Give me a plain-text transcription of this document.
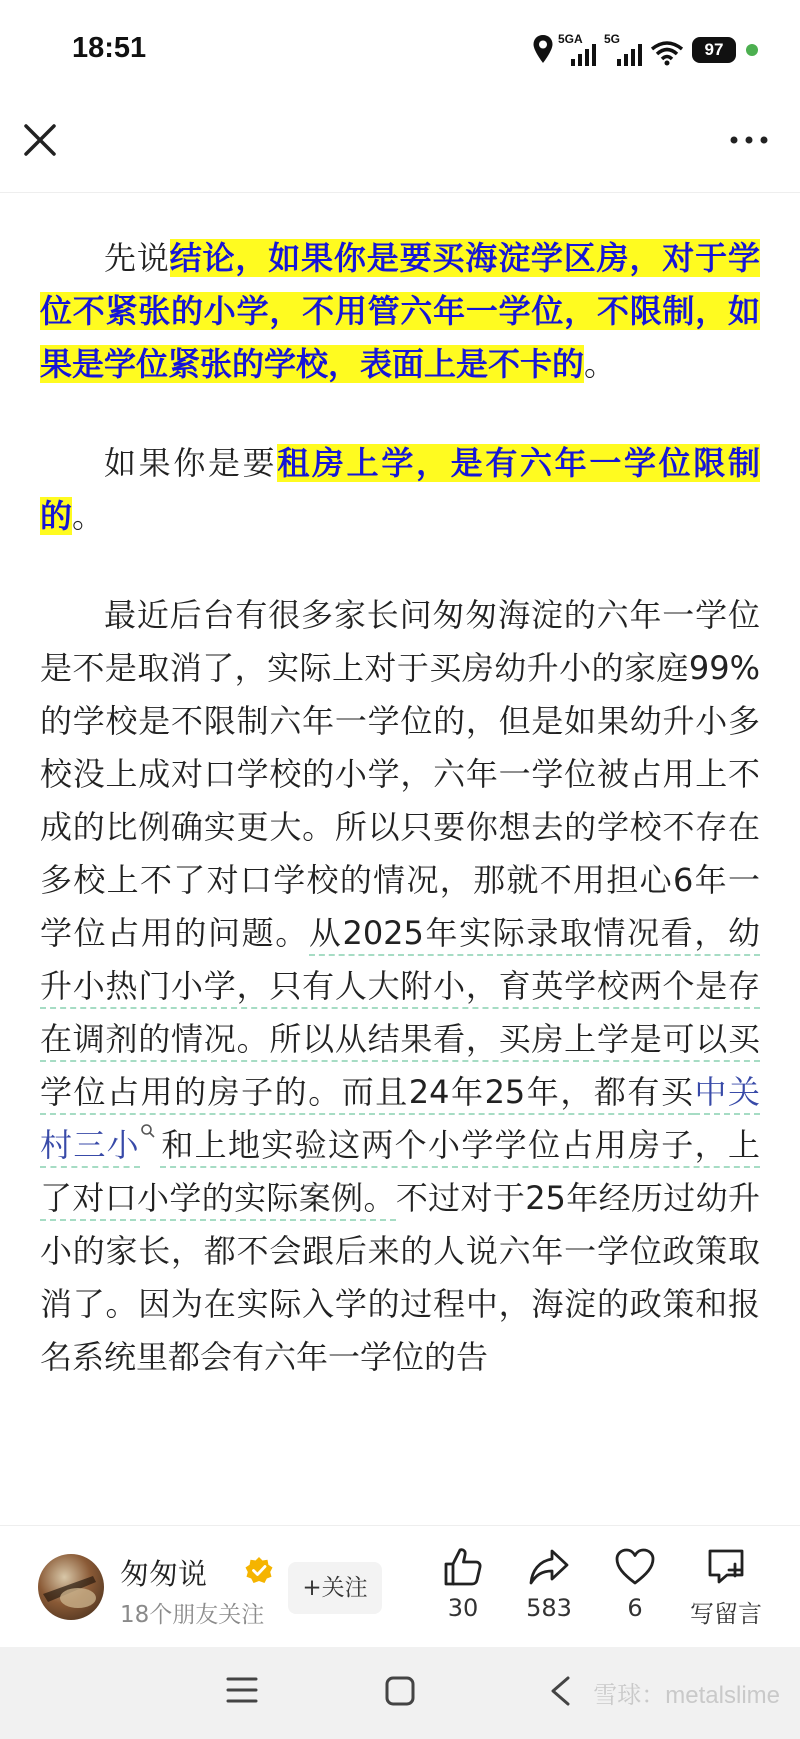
18:51	5GA 5G
97

先说结论，如果你是要买海淀学区房，对于学位不紧张的小学，不用管六年一学位，不限制，如果是学位紧张的学校，表面上是不卡的。

如果你是要租房上学，是有六年一学位限制的。

最近后台有很多家长问匆匆海淀的六年一学位是不是取消了，实际上对于买房幼升小的家庭99%的学校是不限制六年一学位的，但是如果幼升小多校没上成对口学校的小学，六年一学位被占用上不成的比例确实更大。所以只要你想去的学校不存在多校上不了对口学校的情况，那就不用担心6年一学位占用的问题。从2025年实际录取情况看，幼升小热门小学，只有人大附小，育英学校两个是存在调剂的情况。所以从结果看，买房上学是可以买学位占用的房子的。而且24年25年，都有买中关村三小 和上地实验这两个小学学位占用房子，上了对口小学的实际案例。不过对于25年经历过幼升小的家长，都不会跟后来的人说六年一学位政策取消了。因为在实际入学的过程中，海淀的政策和报名系统里都会有六年一学位的告

匆匆说
18个朋友关注
+关注
30	583	6	写留言
雪球：metalslime
